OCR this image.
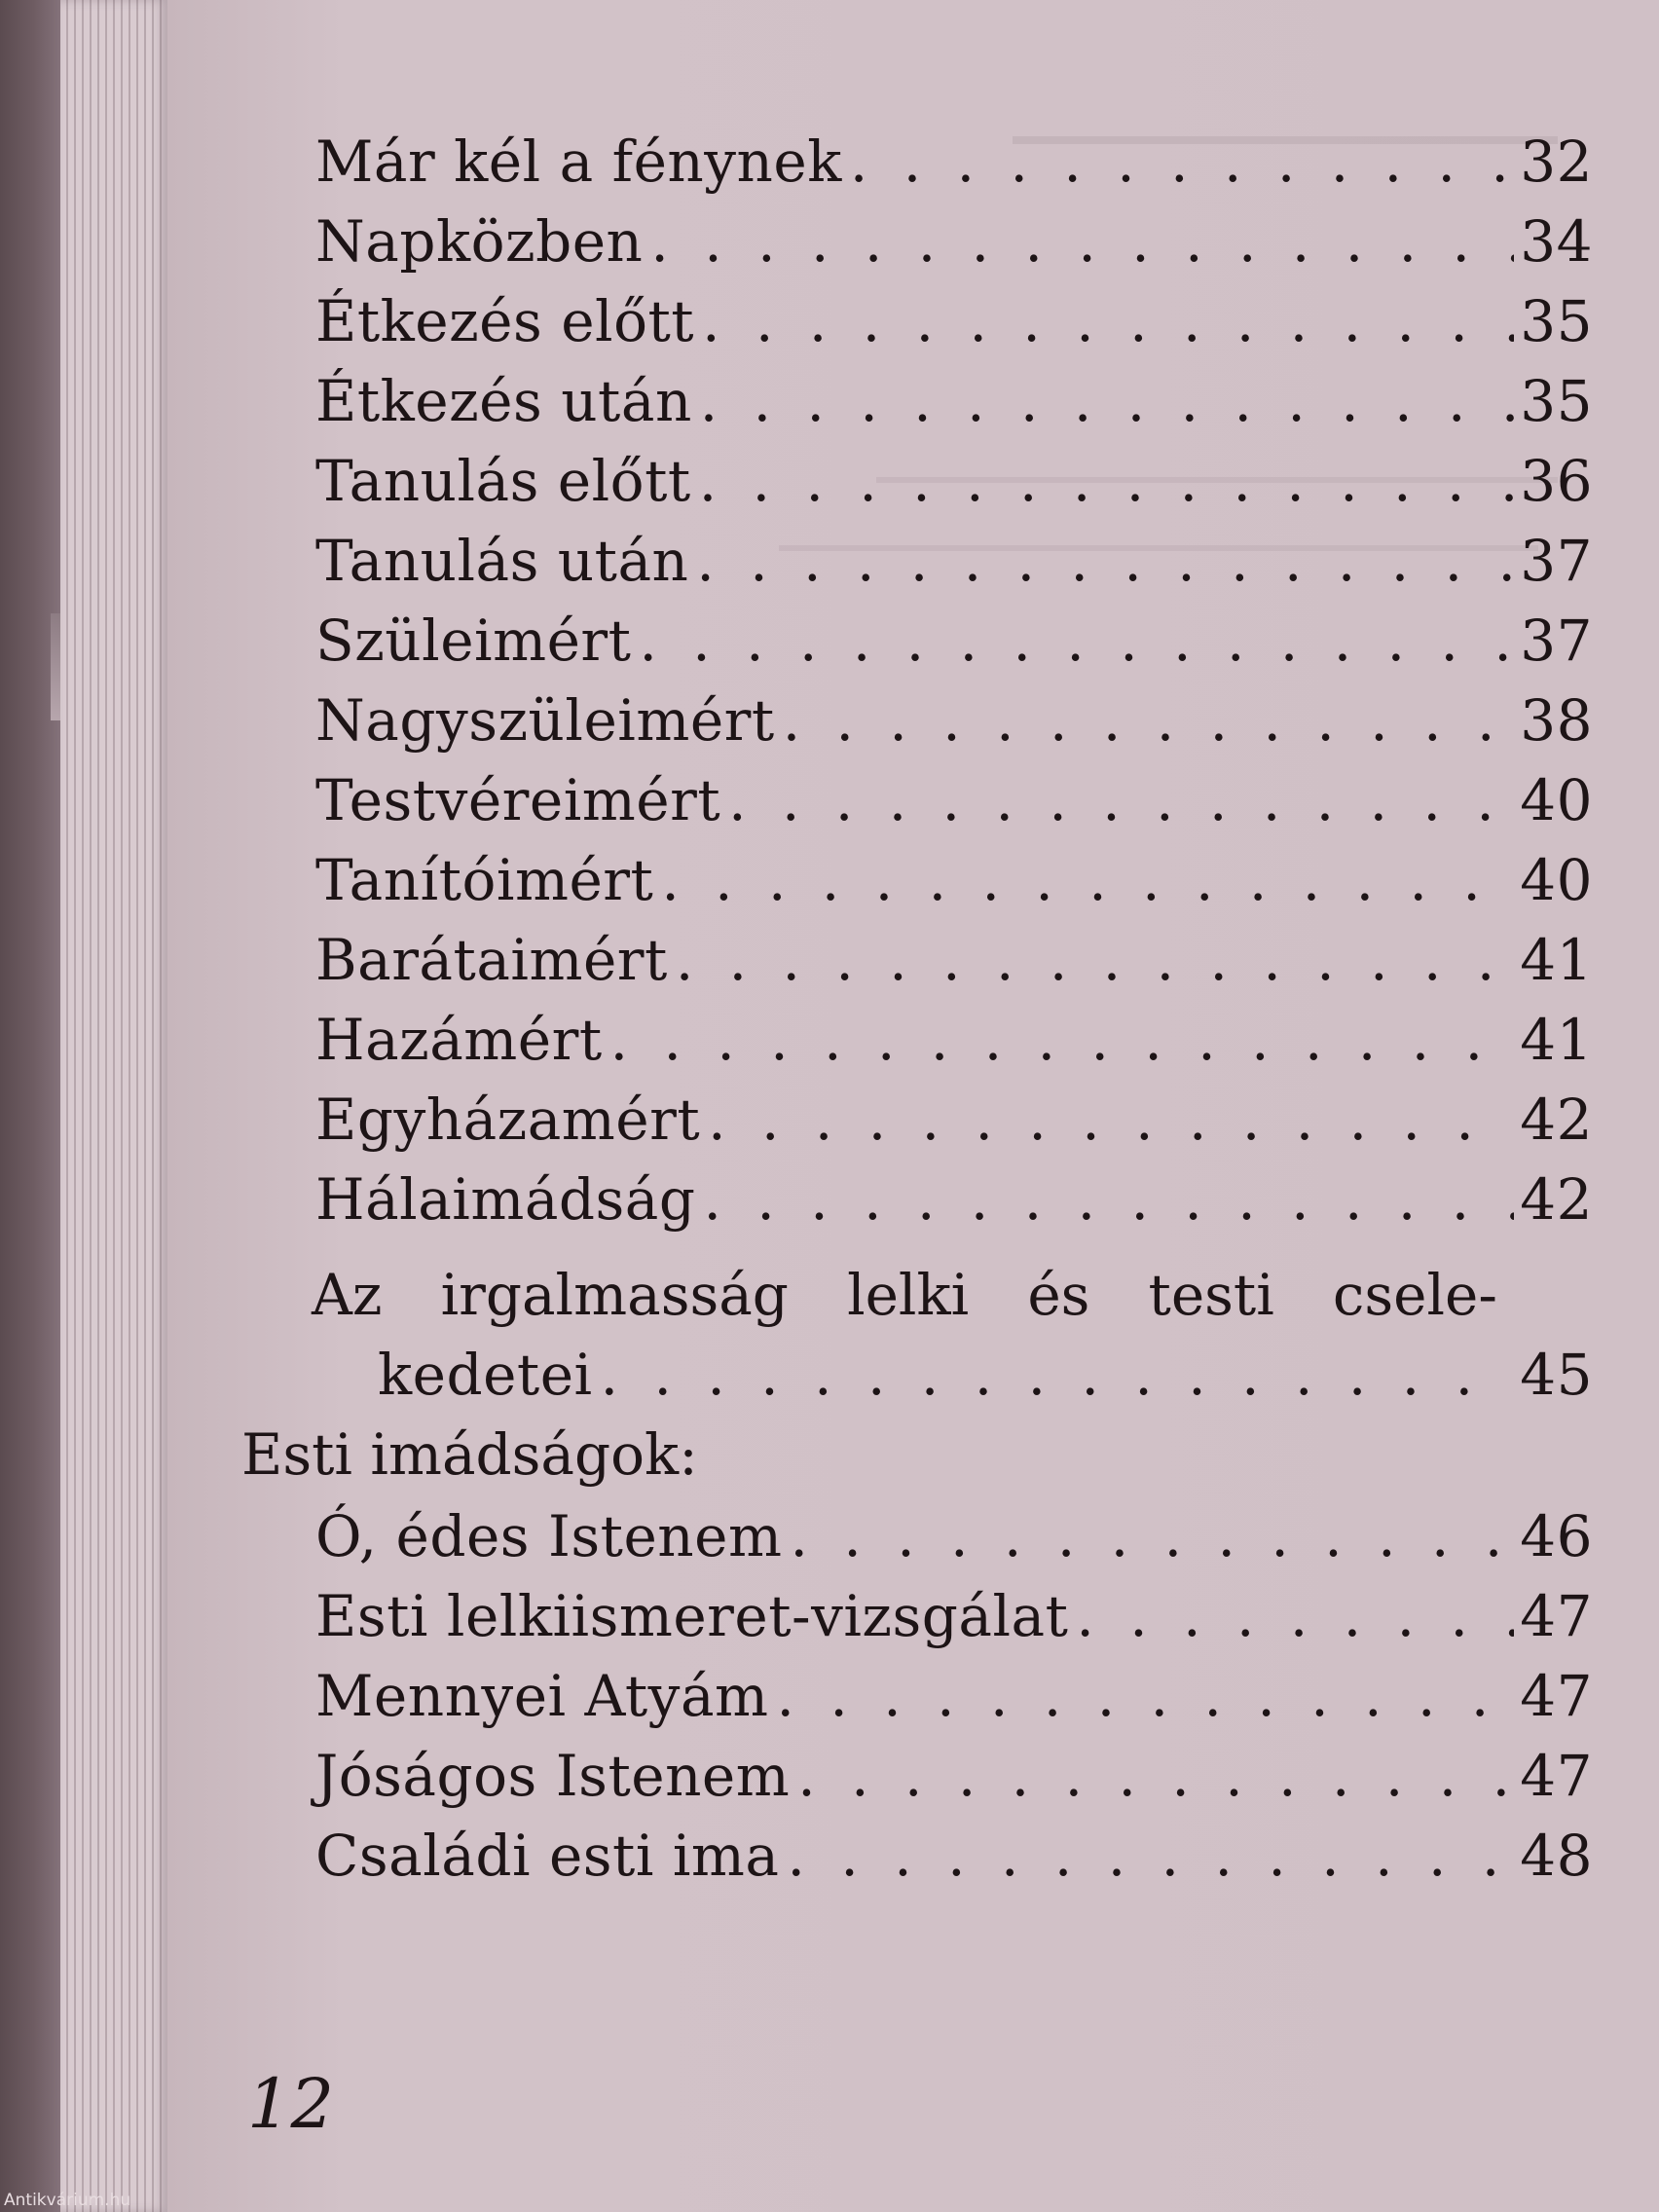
Már kél a fénynek . . .	32
Napközben . . .	34
Étkezés előtt . . .	35
Étkezés után . . .	35
Tanulás előtt . . .	36
Tanulás után . . .	37
Szüleimért . . .	37
Nagyszüleimért . . .	38
Testvéreimért . . .	40
Tanítóimért . . .	40
Barátaimért . . .	41
Hazámért . . .	41
Egyházamért . . .	42
Hálaimádság . . .	42
Az irgalmasság lelki és testi csele-
kedetei . . .	45
Esti imádságok:
Ó, édes Istenem . . .	46
Esti lelkiismeret-vizsgálat . . .	47
Mennyei Atyám . . .	47
Jóságos Istenem . . .	47
Családi esti ima . . .	48
12
Antikvárium.hu
